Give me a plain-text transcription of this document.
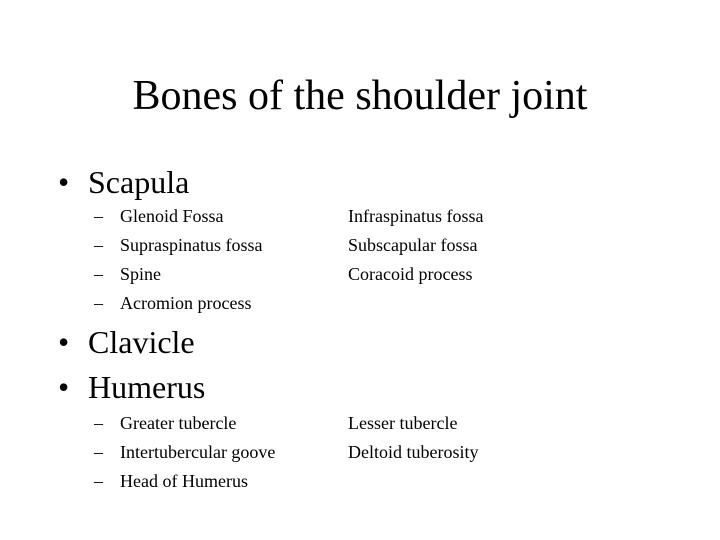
Bones of the shoulder joint
• Scapula
– Glenoid Fossa
– Supraspinatus fossa
– Spine
– Acromion process
Infraspinatus fossa
Subscapular fossa
Coracoid process
• Clavicle
• Humerus
– Greater tubercle
– Intertubercular goove
– Head of Humerus
Lesser tubercle
Deltoid tuberosity
